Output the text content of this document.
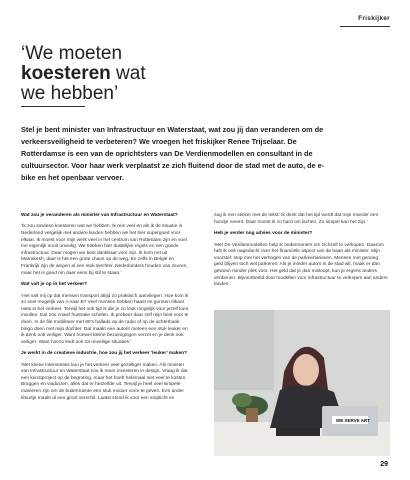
Friskijker
‘We moeten
koesteren wat
we hebben’
Stel je bent minister van Infrastructuur en Waterstaat, wat zou jij dan veranderen om de verkeersveiligheid te verbeteren? We vroegen het friskijker Renee Trijselaar. De Rotterdamse is een van de oprichtsters van De Verdienmodellen en consultant in de cultuursector. Voor haar werk verplaatst ze zich fluitend door de stad met de auto, de e-bike en het openbaar vervoer.

Wat zou je veranderen als minister van Infrastructuur en Waterstaat?

‘Ik zou sowieso koesteren wat we hebben. Ik reis veel en als ik de situatie in Nederland vergelijk met andere landen hebben we het hier supergoed voor elkaar. Ik moest voor mijn werk veel in het centrum van Rotterdam zijn en voel me eigenlijk nooit onveilig. We hebben hier duidelijke regels en een goede infrastructuur. Daar mogen we best dankbaar voor zijn. Ik kom net uit Marrakesh, daar is het een grote chaos op de weg. En zelfs in België en Frankrijk zijn de wegen al een stuk slechter. Nederlanders houden van zeuren, maar het is goed om daar eens bij stil te staan.’

Wat valt je op in het verkeer?

‘Het valt mij op dat mensen transport altijd zo praktisch aanvliegen. Hoe kom ik zo snel mogelijk van A naar B? Veel mensen hebben haast en gunnen elkaar niets in het verkeer. Terwijl het ook tijd is die je zo leuk mogelijk voor jezelf kunt invullen. Dat zou zowel frustratie schelen. Ik probeer daar zelf mijn best voor te doen. In de file mobiliteer met 80’s ballads op de radio of op de achterbank bingo doen met mijn dochter. Dat maakt een autorit meteen een stuk leuker en ik denk ook veiliger. Want hoewel kleine bezuinigingen verzet en je denk ook veiliger. Want hoezo leidt ook tot onveilige situaties.’

Je werkt in de creatieve industrie, hoe zou jij het verkeer ‘leuker’ maken?

‘Met kleine interventies kun je het verkeer veel gezelliger maken. Als minister van Infrastructuur en Waterstaat zou ik meer investeren in design. Vraag ik dat een kunstproject op de begroting, maar het hoeft helemaal niet veel te kosten. Bruggen en viaducten, alles dat er hetzelfde uit. Terwijl je heel veel simpele manieren zijn om de buitenruimte een stuk mooier vorm te geven. Een ander kleurtje maakt al een groot verschil. Laatst stond ik voor een stoplicht en

zag ik een sticker met de tekst: Ik denk dat het tijd wordt dat mijn moeder een hondje neemt. Daar moest ik zo hard om lachen. Zo simpel kan het zijn.’

Heb je verder nog advies voor de minister?

‘Met De Verdienmodellen help ik ondernemers om zichzelf te verkopen. Daarom heb ik ook nagedacht over het financiële aspect van de baan als minister. Mijn voorstel: stop met het verhogen van de parkeertarieven. Mensen met genoeg geld blijven toch wel parkeren. Als je minder auto’s in de stad wil, maak er dan gewoon minder plek voor. Het geld dat je dan misloopt, kun je ergens anders verdienen. Bijvoorbeeld door modellen voor infrastructuur te verkopen aan andere landen.’

WE SERVE ART
29
